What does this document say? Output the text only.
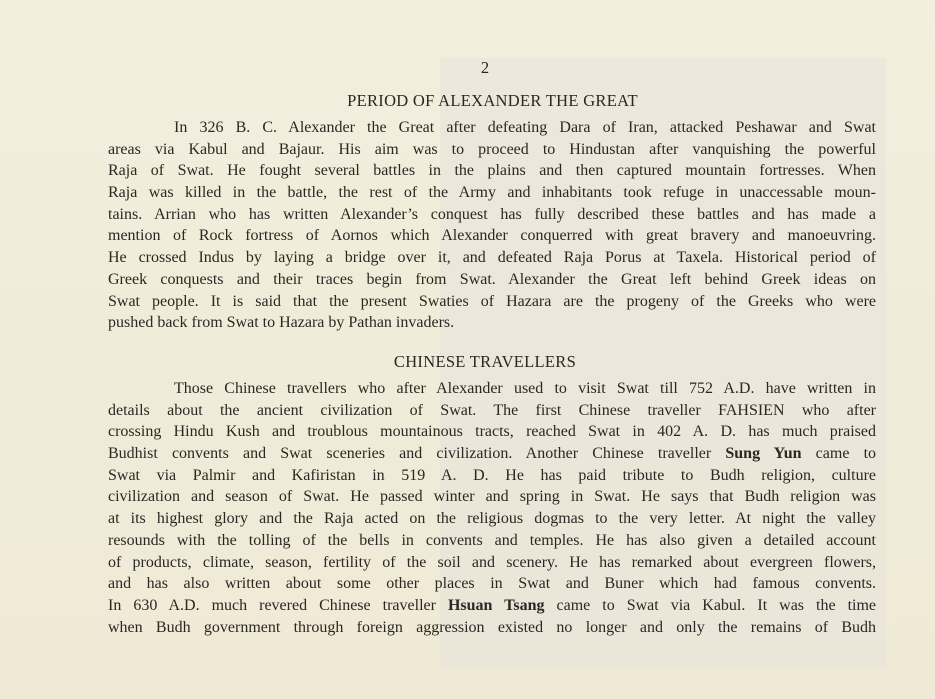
2
PERIOD OF ALEXANDER THE GREAT
In 326 B. C. Alexander the Great after defeating Dara of Iran, attacked Peshawar and Swat
areas via Kabul and Bajaur. His aim was to proceed to Hindustan after vanquishing the powerful
Raja of Swat. He fought several battles in the plains and then captured mountain fortresses. When
Raja was killed in the battle, the rest of the Army and inhabitants took refuge in unaccessable moun-
tains. Arrian who has written Alexander’s conquest has fully described these battles and has made a
mention of Rock fortress of Aornos which Alexander conquerred with great bravery and manoeuvring.
He crossed Indus by laying a bridge over it, and defeated Raja Porus at Taxela. Historical period of
Greek conquests and their traces begin from Swat. Alexander the Great left behind Greek ideas on
Swat people. It is said that the present Swaties of Hazara are the progeny of the Greeks who were
pushed back from Swat to Hazara by Pathan invaders.
CHINESE TRAVELLERS
Those Chinese travellers who after Alexander used to visit Swat till 752 A.D. have written in
details about the ancient civilization of Swat. The first Chinese traveller FAHSIEN who after
crossing Hindu Kush and troublous mountainous tracts, reached Swat in 402 A. D. has much praised
Budhist convents and Swat sceneries and civilization. Another Chinese traveller Sung Yun came to
Swat via Palmir and Kafiristan in 519 A. D. He has paid tribute to Budh religion, culture
civilization and season of Swat. He passed winter and spring in Swat. He says that Budh religion was
at its highest glory and the Raja acted on the religious dogmas to the very letter. At night the valley
resounds with the tolling of the bells in convents and temples. He has also given a detailed account
of products, climate, season, fertility of the soil and scenery. He has remarked about evergreen flowers,
and has also written about some other places in Swat and Buner which had famous convents.
In 630 A.D. much revered Chinese traveller Hsuan Tsang came to Swat via Kabul. It was the time
when Budh government through foreign aggression existed no longer and only the remains of Budh
